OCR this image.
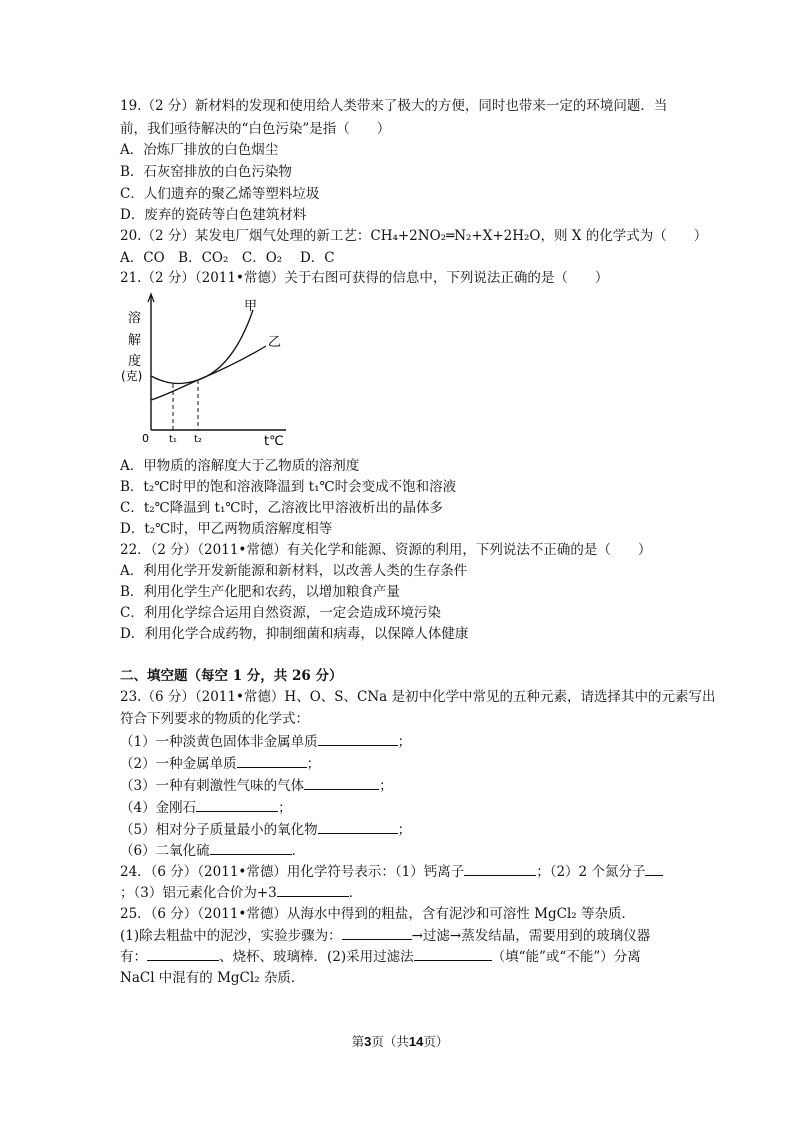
19.（2 分）新材料的发现和使用给人类带来了极大的方便，同时也带来一定的环境问题．当
前，我们亟待解决的“白色污染”是指（　　）
A．冶炼厂排放的白色烟尘
B．石灰窑排放的白色污染物
C．人们遗弃的聚乙烯等塑料垃圾
D．废弃的瓷砖等白色建筑材料
20.（2 分）某发电厂烟气处理的新工艺：CH₄+2NO₂═N₂+X+2H₂O，则 X 的化学式为（　　）
A．CO　B．CO₂　C．O₂　 D．C
21.（2 分）（2011•常德）关于右图可获得的信息中，下列说法正确的是（　　）
溶
解
度
(克)
0	t℃
t₁ t₂
甲
乙
A．甲物质的溶解度大于乙物质的溶剂度
B．t₂℃时甲的饱和溶液降温到 t₁℃时会变成不饱和溶液
C．t₂℃降温到 t₁℃时，乙溶液比甲溶液析出的晶体多
D．t₂℃时，甲乙两物质溶解度相等
22．（2 分）（2011•常德）有关化学和能源、资源的利用，下列说法不正确的是（　　）
A．利用化学开发新能源和新材料，以改善人类的生存条件
B．利用化学生产化肥和农药，以增加粮食产量
C．利用化学综合运用自然资源，一定会造成环境污染
D．利用化学合成药物，抑制细菌和病毒，以保障人体健康
二、填空题（每空 1 分，共 26 分）
23.（6 分）（2011•常德）H、O、S、CNa 是初中化学中常见的五种元素，请选择其中的元素写出
符合下列要求的物质的化学式：
（1）一种淡黄色固体非金属单质	；
（2）一种金属单质	；
（3）一种有刺激性气味的气体	；
（4）金刚石	；
（5）相对分子质量最小的氧化物	；
（6）二氧化硫	．
24．（6 分）（2011•常德）用化学符号表示：（1）钙离子	；（2）2 个氮分子
；（3）铝元素化合价为+3	．
25．（6 分）（2011•常德）从海水中得到的粗盐，含有泥沙和可溶性 MgCl₂ 等杂质．
(1)除去粗盐中的泥沙，实验步骤为：	→过滤→蒸发结晶，需要用到的玻璃仪器
有：	、烧杯、玻璃棒．(2)采用过滤法	（填“能”或“不能”）分离
NaCl 中混有的 MgCl₂ 杂质．
第3页（共14页）
